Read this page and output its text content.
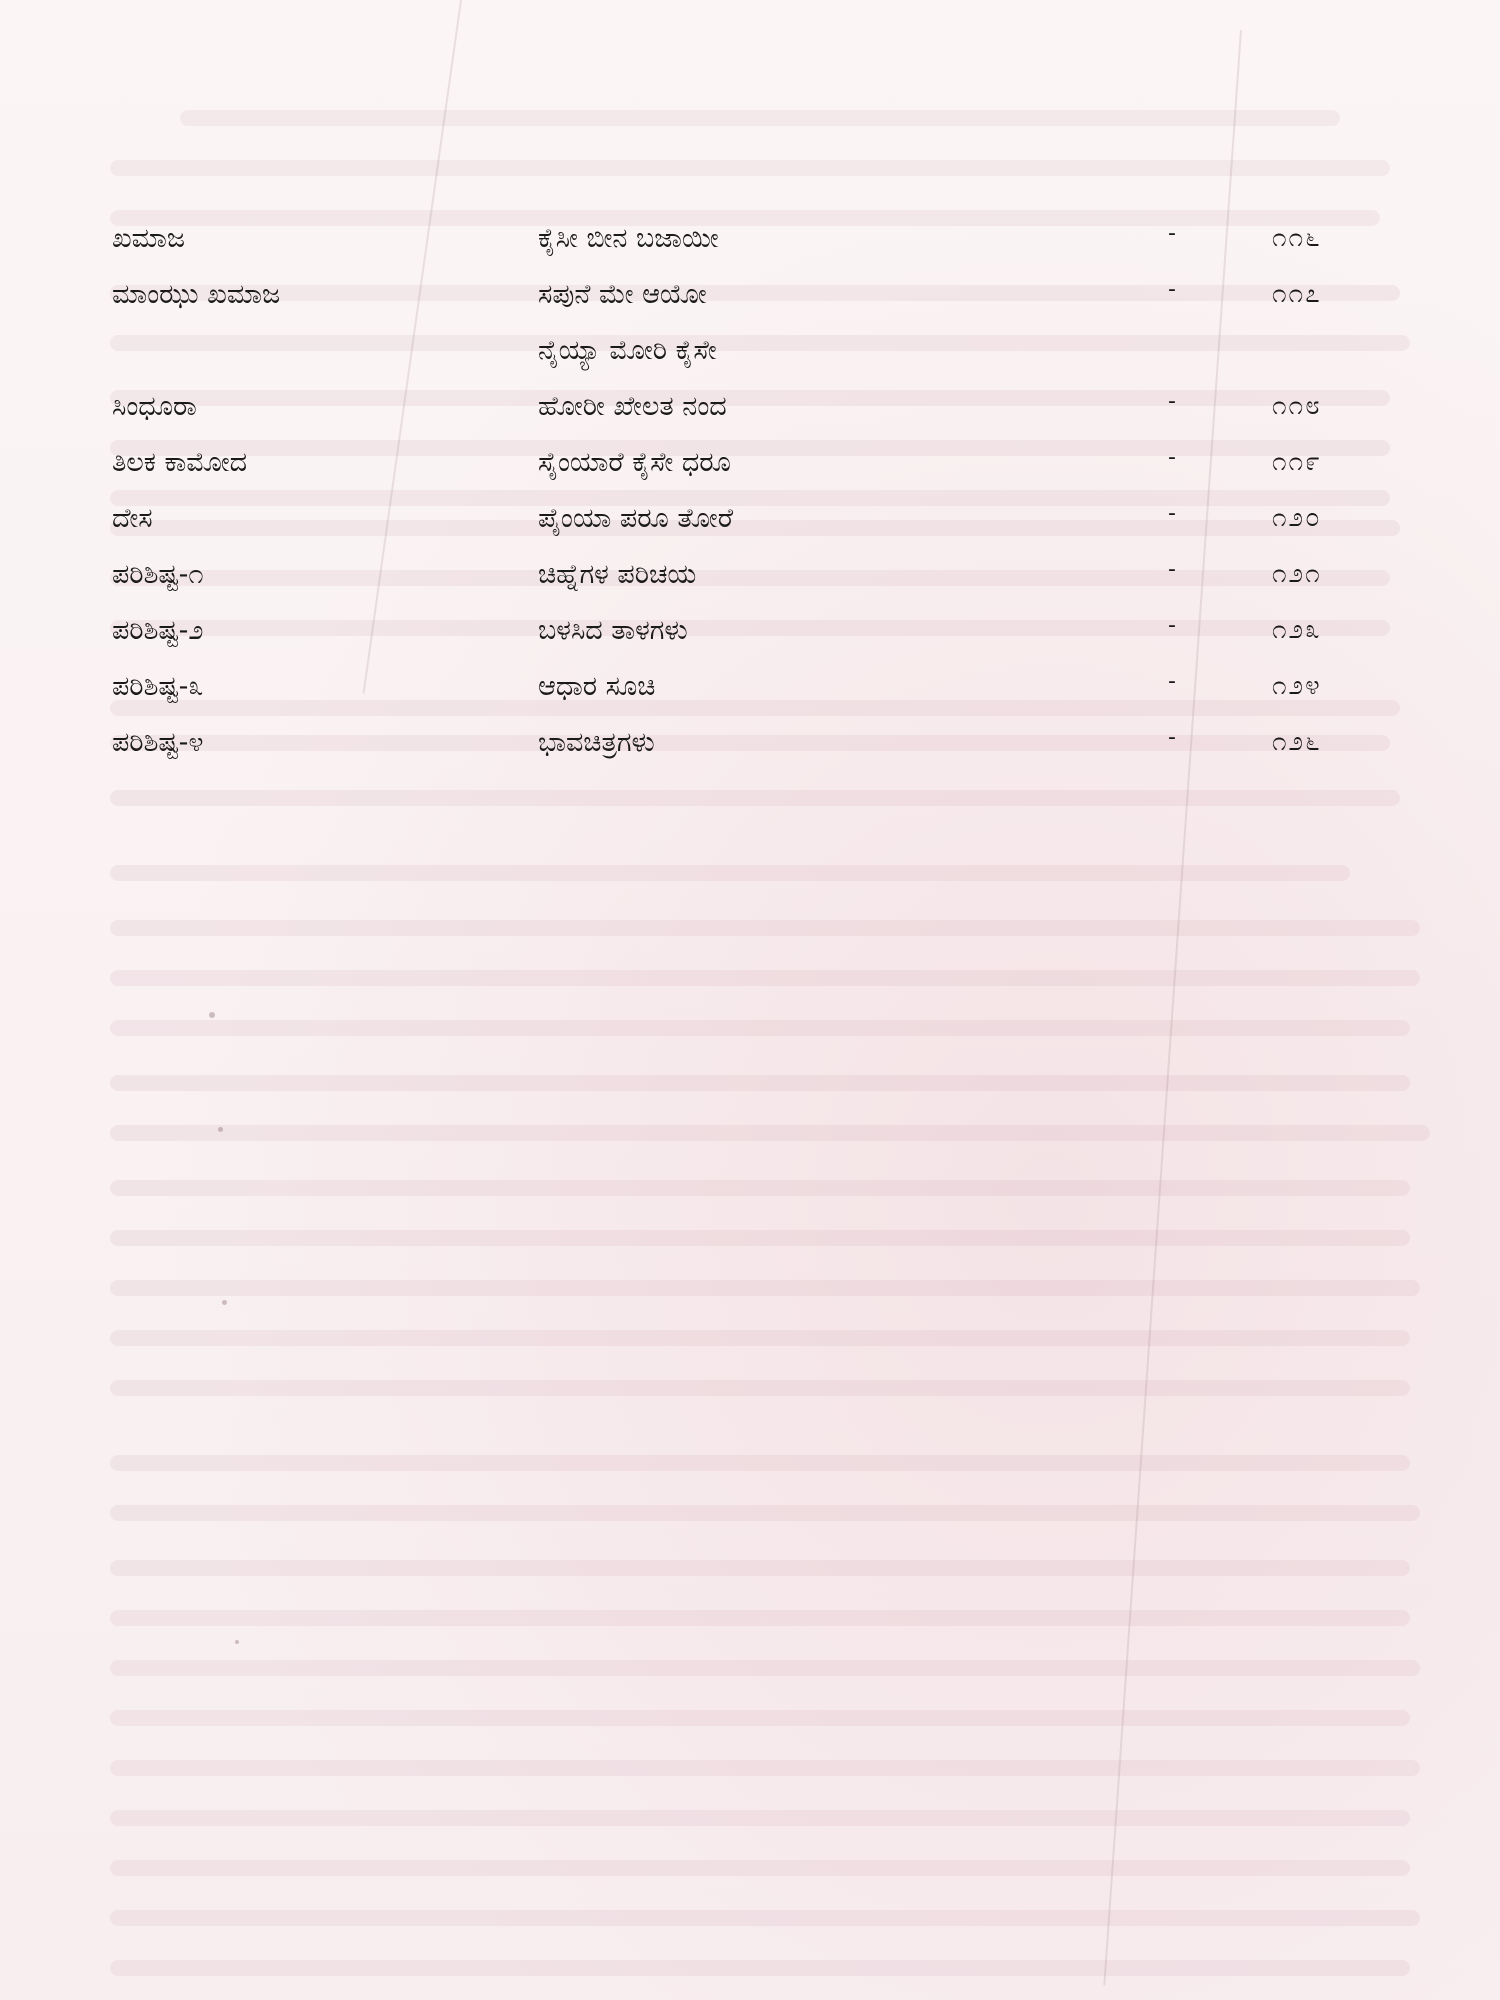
ಖಮಾಜ	ಕೈಸೀ ಬೀನ ಬಜಾಯೀ	-	೧೧೬
ಮಾಂಝು ಖಮಾಜ	ಸಪುನೆ ಮೇ ಆಯೋ	-	೧೧೭
ನೈಯ್ಯಾ ಮೋರಿ ಕೈಸೇ
ಸಿಂಧೂರಾ	ಹೋರೀ ಖೇಲತ ನಂದ	-	೧೧೮
ತಿಲಕ ಕಾಮೋದ	ಸೈಂಯಾರೆ ಕೈಸೇ ಧರೂ	-	೧೧೯
ದೇಸ	ಪೈಂಯಾ ಪರೂ ತೋರೆ	-	೧೨೦
ಪರಿಶಿಷ್ಟ-೧	ಚಿಹ್ನೆಗಳ ಪರಿಚಯ	-	೧೨೧
ಪರಿಶಿಷ್ಟ-೨	ಬಳಸಿದ ತಾಳಗಳು	-	೧೨೩
ಪರಿಶಿಷ್ಟ-೩	ಆಧಾರ ಸೂಚಿ	-	೧೨೪
ಪರಿಶಿಷ್ಟ-೪	ಭಾವಚಿತ್ರಗಳು	-	೧೨೬
